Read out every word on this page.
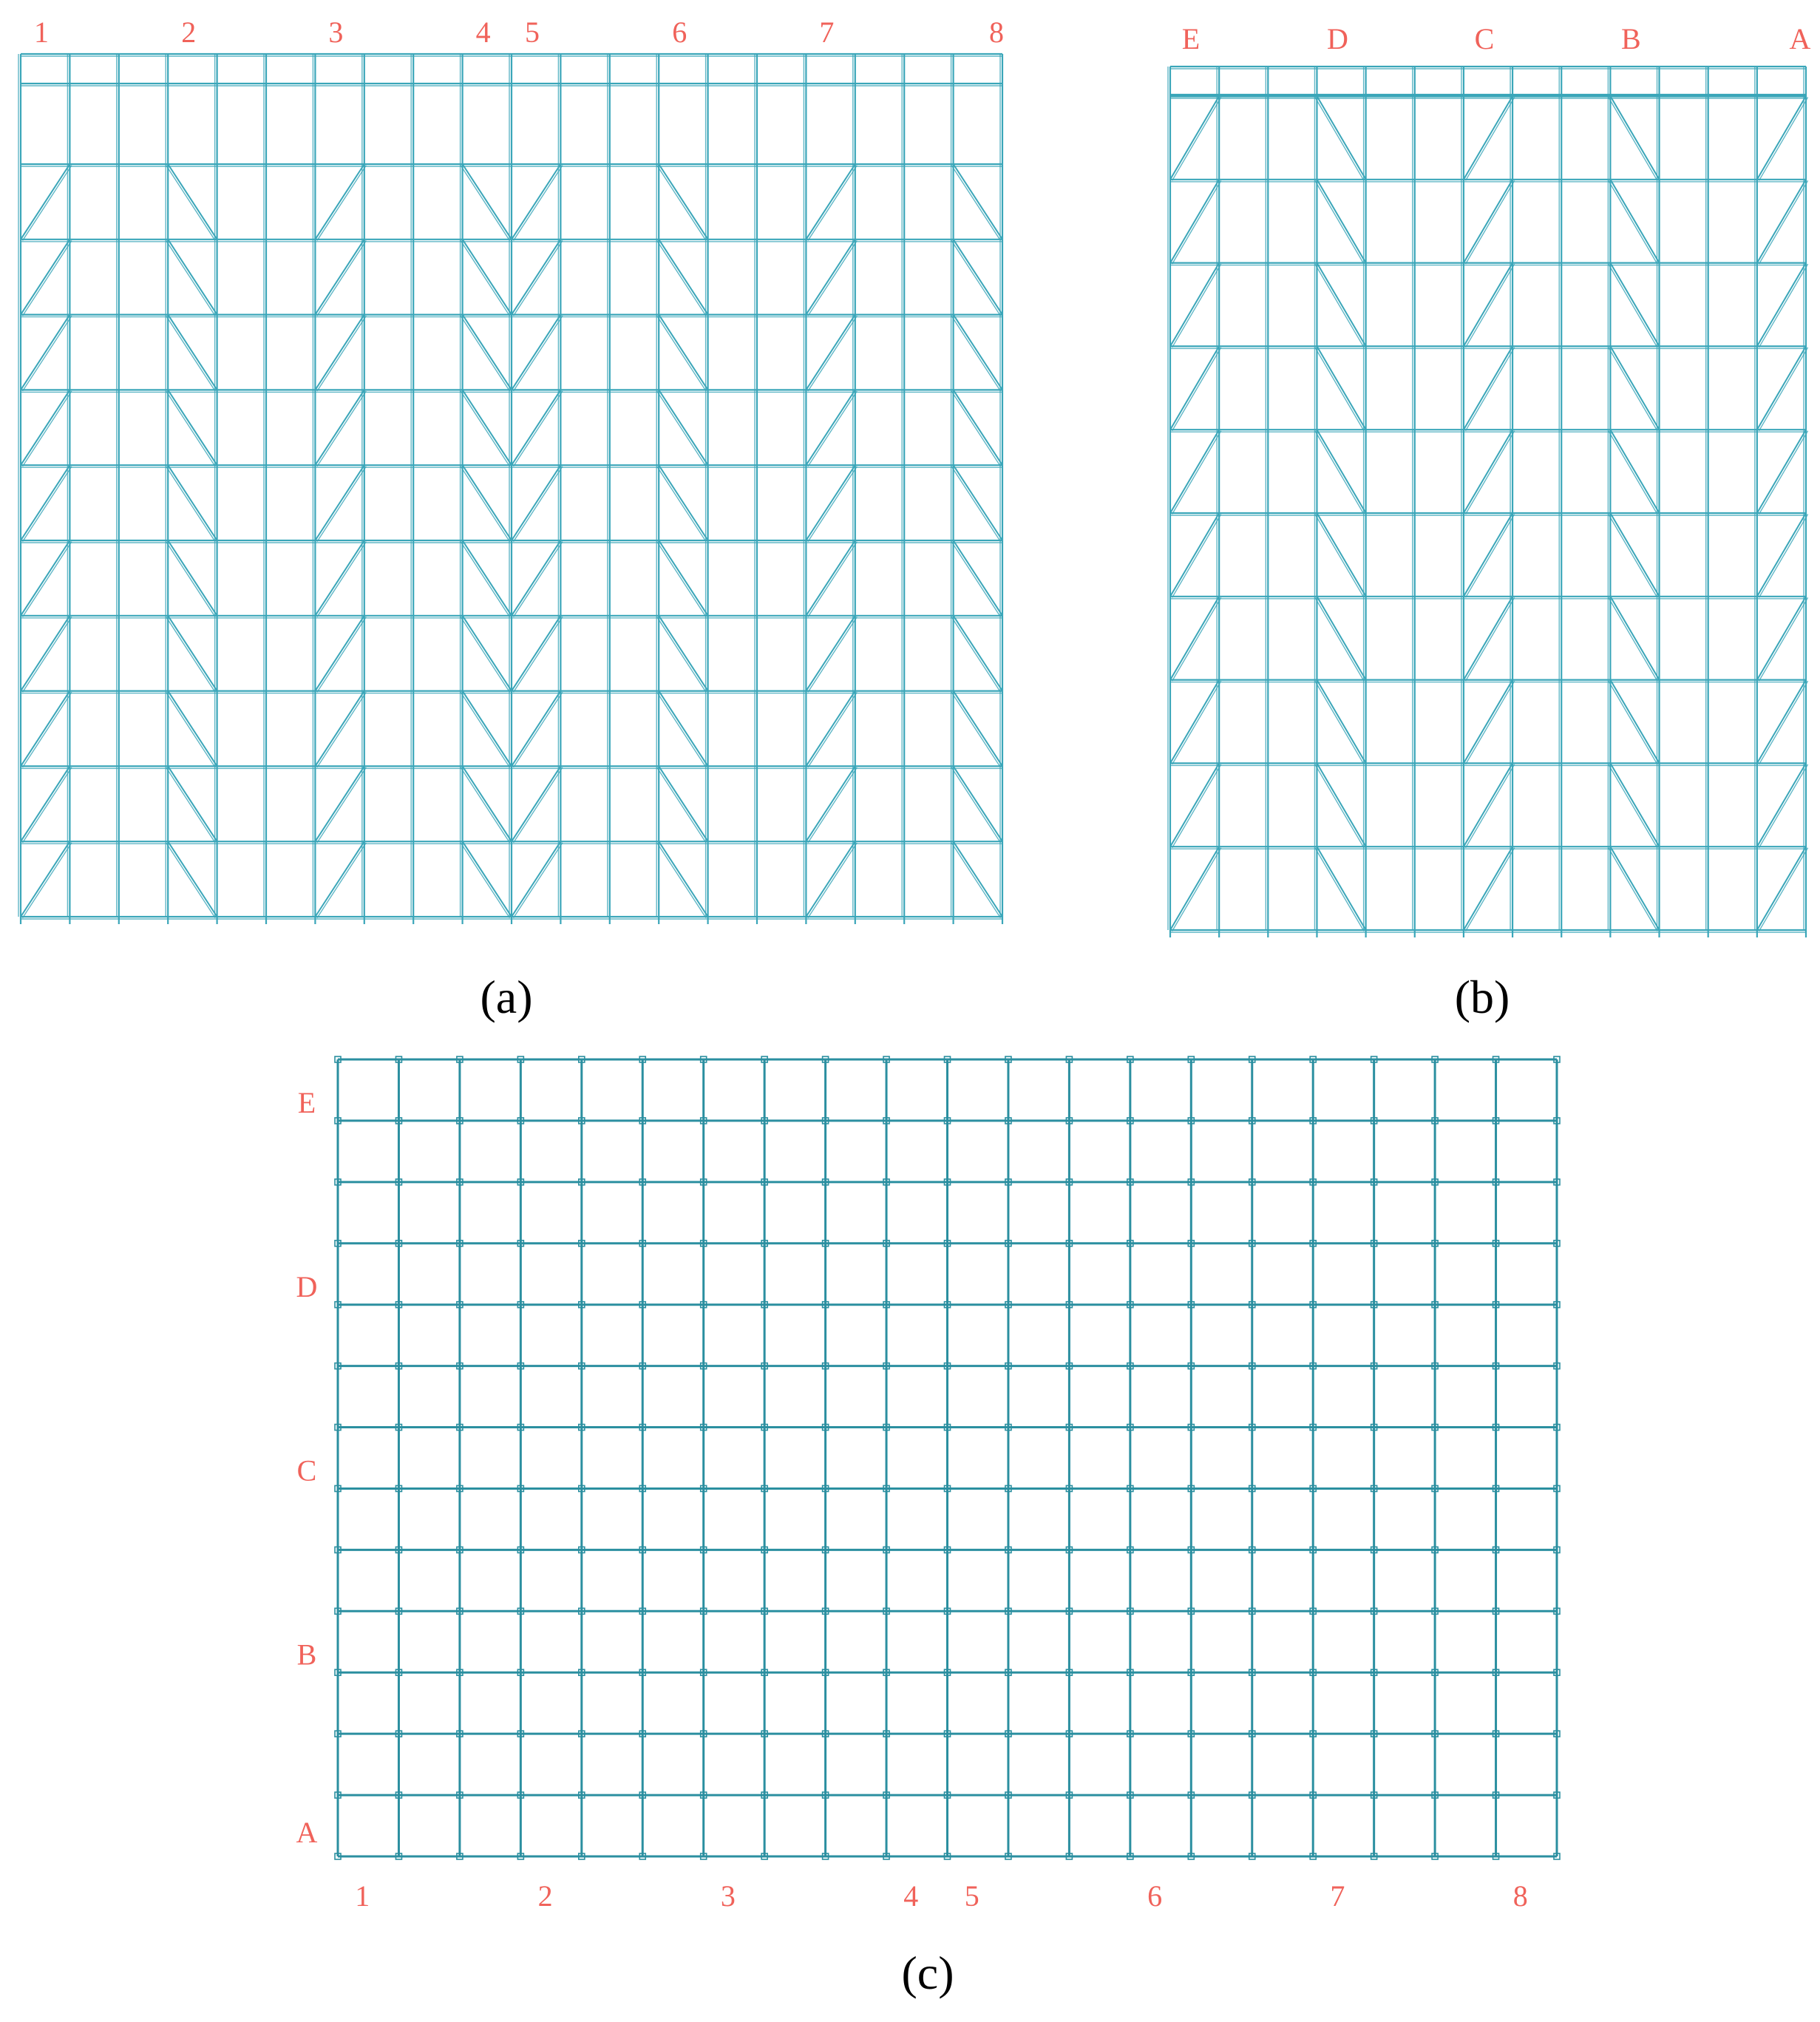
1	2	3	4 5	6	7	8	E	D	C	B	A
1	2	3	4 5	6	7	8
E
D
C
B
A
(a)	(b)
(c)
